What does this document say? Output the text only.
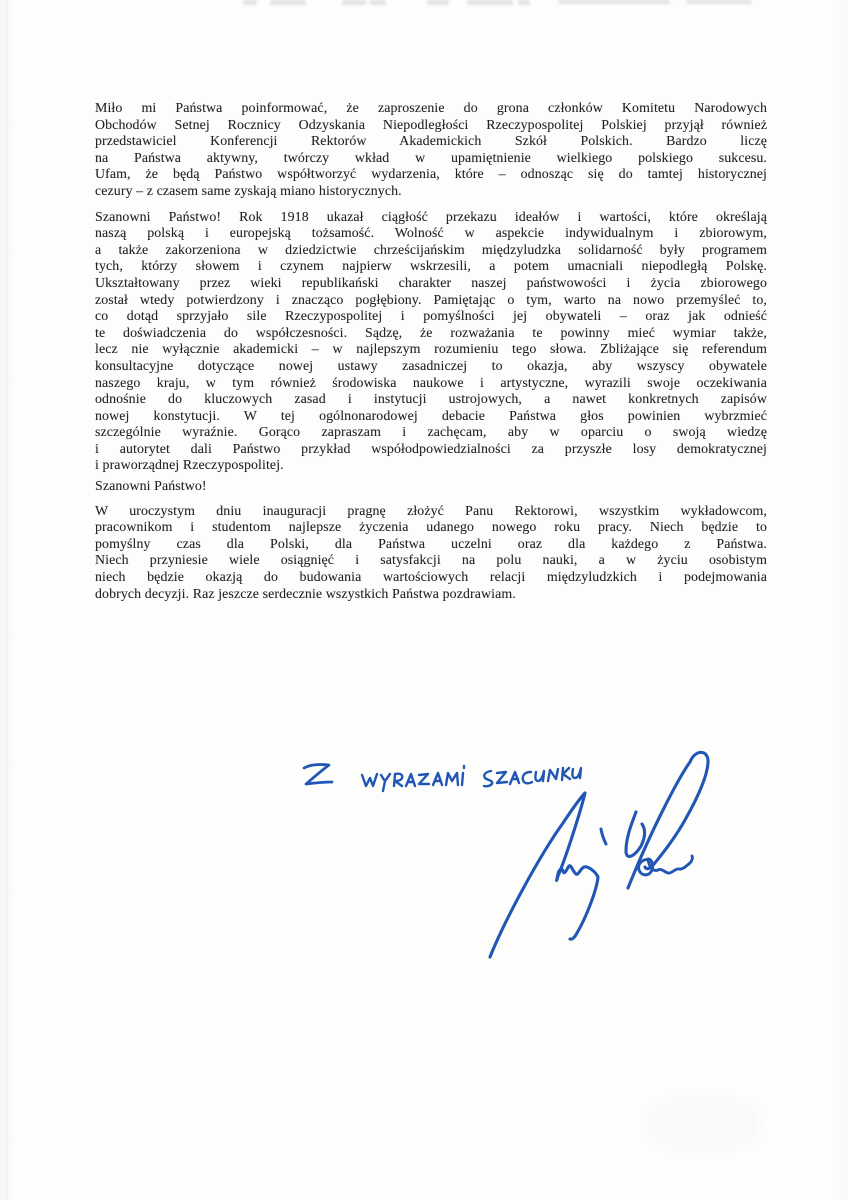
Miło mi Państwa poinformować, że zaproszenie do grona członków Komitetu Narodowych
Obchodów Setnej Rocznicy Odzyskania Niepodległości Rzeczypospolitej Polskiej przyjął również
przedstawiciel Konferencji Rektorów Akademickich Szkół Polskich. Bardzo liczę
na Państwa aktywny, twórczy wkład w upamiętnienie wielkiego polskiego sukcesu.
Ufam, że będą Państwo współtworzyć wydarzenia, które – odnosząc się do tamtej historycznej
cezury – z czasem same zyskają miano historycznych.
Szanowni Państwo! Rok 1918 ukazał ciągłość przekazu ideałów i wartości, które określają
naszą polską i europejską tożsamość. Wolność w aspekcie indywidualnym i zbiorowym,
a także zakorzeniona w dziedzictwie chrześcijańskim międzyludzka solidarność były programem
tych, którzy słowem i czynem najpierw wskrzesili, a potem umacniali niepodległą Polskę.
Ukształtowany przez wieki republikański charakter naszej państwowości i życia zbiorowego
został wtedy potwierdzony i znacząco pogłębiony. Pamiętając o tym, warto na nowo przemyśleć to,
co dotąd sprzyjało sile Rzeczypospolitej i pomyślności jej obywateli – oraz jak odnieść
te doświadczenia do współczesności. Sądzę, że rozważania te powinny mieć wymiar także,
lecz nie wyłącznie akademicki – w najlepszym rozumieniu tego słowa. Zbliżające się referendum
konsultacyjne dotyczące nowej ustawy zasadniczej to okazja, aby wszyscy obywatele
naszego kraju, w tym również środowiska naukowe i artystyczne, wyrazili swoje oczekiwania
odnośnie do kluczowych zasad i instytucji ustrojowych, a nawet konkretnych zapisów
nowej konstytucji. W tej ogólnonarodowej debacie Państwa głos powinien wybrzmieć
szczególnie wyraźnie. Gorąco zapraszam i zachęcam, aby w oparciu o swoją wiedzę
i autorytet dali Państwo przykład współodpowiedzialności za przyszłe losy demokratycznej
i praworządnej Rzeczypospolitej.
Szanowni Państwo!
W uroczystym dniu inauguracji pragnę złożyć Panu Rektorowi, wszystkim wykładowcom,
pracownikom i studentom najlepsze życzenia udanego nowego roku pracy. Niech będzie to
pomyślny czas dla Polski, dla Państwa uczelni oraz dla każdego z Państwa.
Niech przyniesie wiele osiągnięć i satysfakcji na polu nauki, a w życiu osobistym
niech będzie okazją do budowania wartościowych relacji międzyludzkich i podejmowania
dobrych decyzji. Raz jeszcze serdecznie wszystkich Państwa pozdrawiam.
